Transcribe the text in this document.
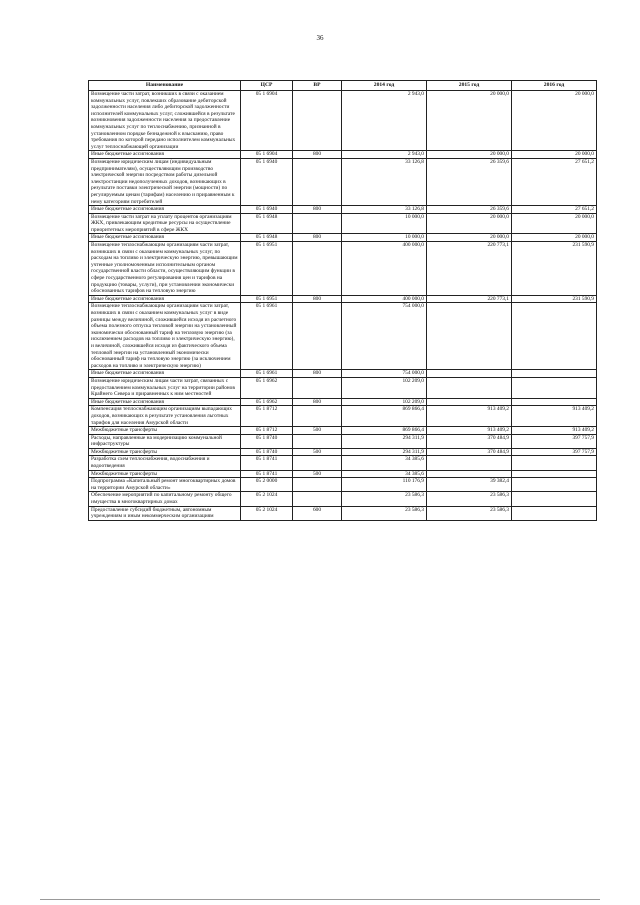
36
Наименование	ЦСР	ВР	2014 год	2015 год	2016 год
Возмещение части затрат, возникших в связи с оказанием коммунальных услуг, повлекших образование дебиторской задолженности населения либо дебиторской задолженности исполнителей коммунальных услуг, сложившейся в результате возникновения задолженности населения за предоставление коммунальных услуг по теплоснабжению, признанной в установленном порядке безнадежной к взысканию, право требования по которой передано исполнителем коммунальных услуг теплоснабжающей организации	05 1 6904		2 943,0	20 000,0	20 000,0
Иные бюджетные ассигнования	05 1 6904	800	2 943,0	20 000,0	20 000,0
Возмещение юридическим лицам (индивидуальным предпринимателям), осуществляющим производство электрической энергии посредством работы дизельной электростанции недополученных доходов, возникающих в результате поставки электрической энергии (мощности) по регулируемым ценам (тарифам) населению и приравненным к нему категориям потребителей	05 1 6940		33 126,8	26 359,6	27 651,2
Иные бюджетные ассигнования	05 1 6940	800	33 126,8	26 359,6	27 651,2
Возмещение части затрат на уплату процентов организациям ЖКХ, привлекающим кредитные ресурсы на осуществление приоритетных мероприятий в сфере ЖКХ	05 1 6948		10 000,0	20 000,0	20 000,0
Иные бюджетные ассигнования	05 1 6948	800	10 000,0	20 000,0	20 000,0
Возмещение теплоснабжающим организациям части затрат, возникших в связи с оказанием коммунальных услуг, по расходам на топливо и электрическую энергию, превышающим учтенные уполномоченным исполнительным органом государственной власти области, осуществляющим функции в сфере государственного регулирования цен и тарифов на продукцию (товары, услуги), при установлении экономически обоснованных тарифов на тепловую энергию	05 1 6951		400 000,0	220 773,1	231 590,9
Иные бюджетные ассигнования	05 1 6951	800	400 000,0	220 773,1	231 590,9
Возмещение теплоснабжающим организациям части затрат, возникших в связи с оказанием коммунальных услуг в виде разницы между величиной, сложившейся исходя из расчетного объема полезного отпуска тепловой энергии на установленный экономически обоснованный тариф на тепловую энергию (за исключением расходов на топливо и электрическую энергию), и величиной, сложившейся исходя из фактического объема тепловой энергии на установленный экономически обоснованный тариф на тепловую энергию (за исключением расходов на топливо и электрическую энергию)	05 1 6961		754 000,0		
Иные бюджетные ассигнования	05 1 6961	800	754 000,0		
Возмещение юридическим лицам части затрат, связанных с предоставлением коммунальных услуг на территории районов Крайнего Севера и приравненных к ним местностей	05 1 6962		102 209,0		
Иные бюджетные ассигнования	05 1 6962	800	102 209,0		
Компенсация теплоснабжающим организациям выпадающих доходов, возникающих в результате установления льготных тарифов для населения Амурской области	05 1 8712		869 866,4	913 409,2	913 409,2
Межбюджетные трансферты	05 1 8712	500	869 866,4	913 409,2	913 409,2
Расходы, направленные на модернизацию коммунальной инфраструктуры	05 1 8740		294 311,9	370 484,9	397 757,9
Межбюджетные трансферты	05 1 8740	500	294 311,9	370 484,9	397 757,9
Разработка схем теплоснабжения, водоснабжения и водоотведения	05 1 8741		34 385,6		
Межбюджетные трансферты	05 1 8741	500	34 385,6		
Подпрограмма «Капитальный ремонт многоквартирных домов на территории Амурской области»	05 2 0000		110 176,9	39 382,4	
Обеспечение мероприятий по капитальному ремонту общего имущества в многоквартирных домах	05 2 1024		23 586,3	23 586,3	
Предоставление субсидий бюджетным, автономным учреждениям и иным некоммерческим организациям	05 2 1024	600	23 586,3	23 586,3	
